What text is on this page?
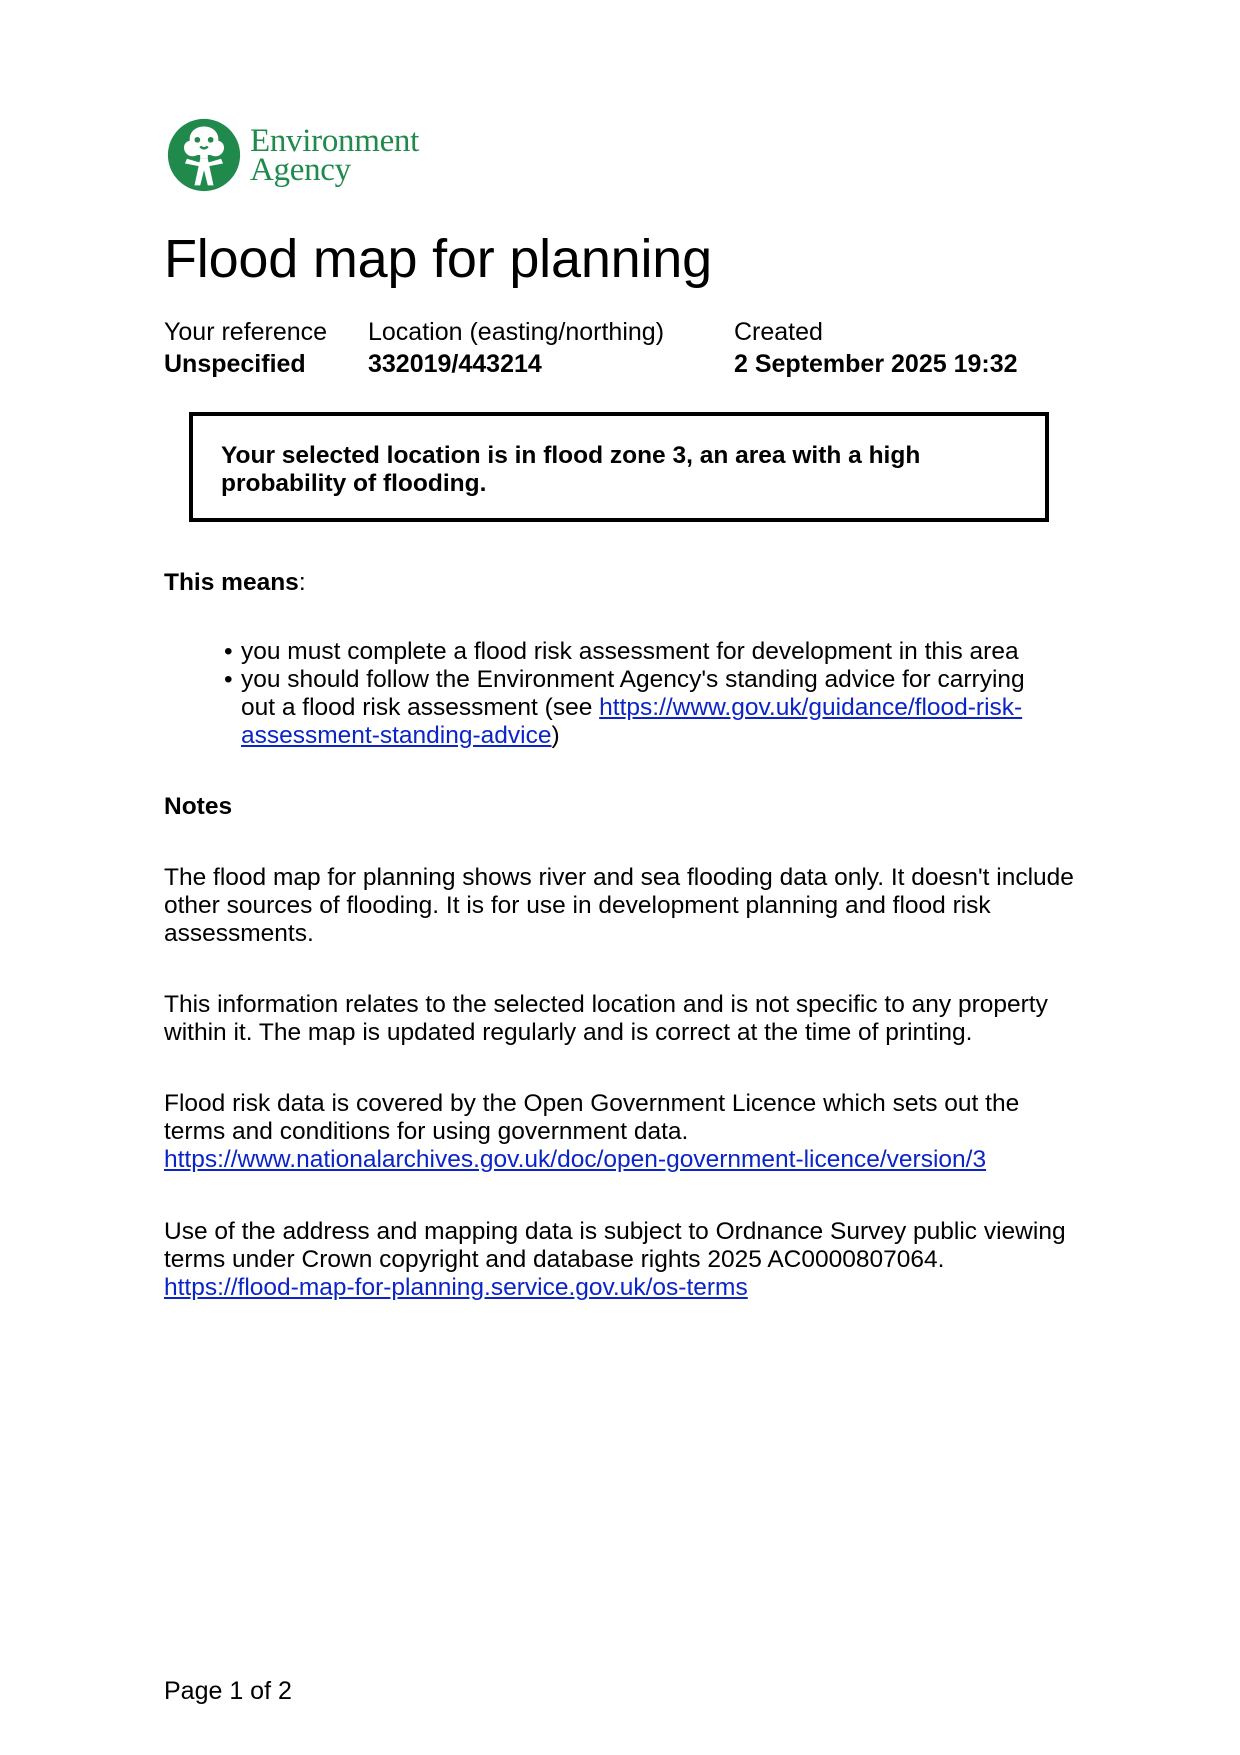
Environment
Agency
Flood map for planning
Your reference
Unspecified
Location (easting/northing)
332019/443214
Created
2 September 2025 19:32
Your selected location is in flood zone 3, an area with a high probability of flooding.
This means:
• you must complete a flood risk assessment for development in this area
• you should follow the Environment Agency's standing advice for carrying out a flood risk assessment (see https://www.gov.uk/guidance/flood-risk-assessment-standing-advice)
Notes

The flood map for planning shows river and sea flooding data only. It doesn't include other sources of flooding. It is for use in development planning and flood risk assessments.

This information relates to the selected location and is not specific to any property within it. The map is updated regularly and is correct at the time of printing.

Flood risk data is covered by the Open Government Licence which sets out the terms and conditions for using government data. https://www.nationalarchives.gov.uk/doc/open-government-licence/version/3

Use of the address and mapping data is subject to Ordnance Survey public viewing terms under Crown copyright and database rights 2025 AC0000807064. https://flood-map-for-planning.service.gov.uk/os-terms

Page 1 of 2
